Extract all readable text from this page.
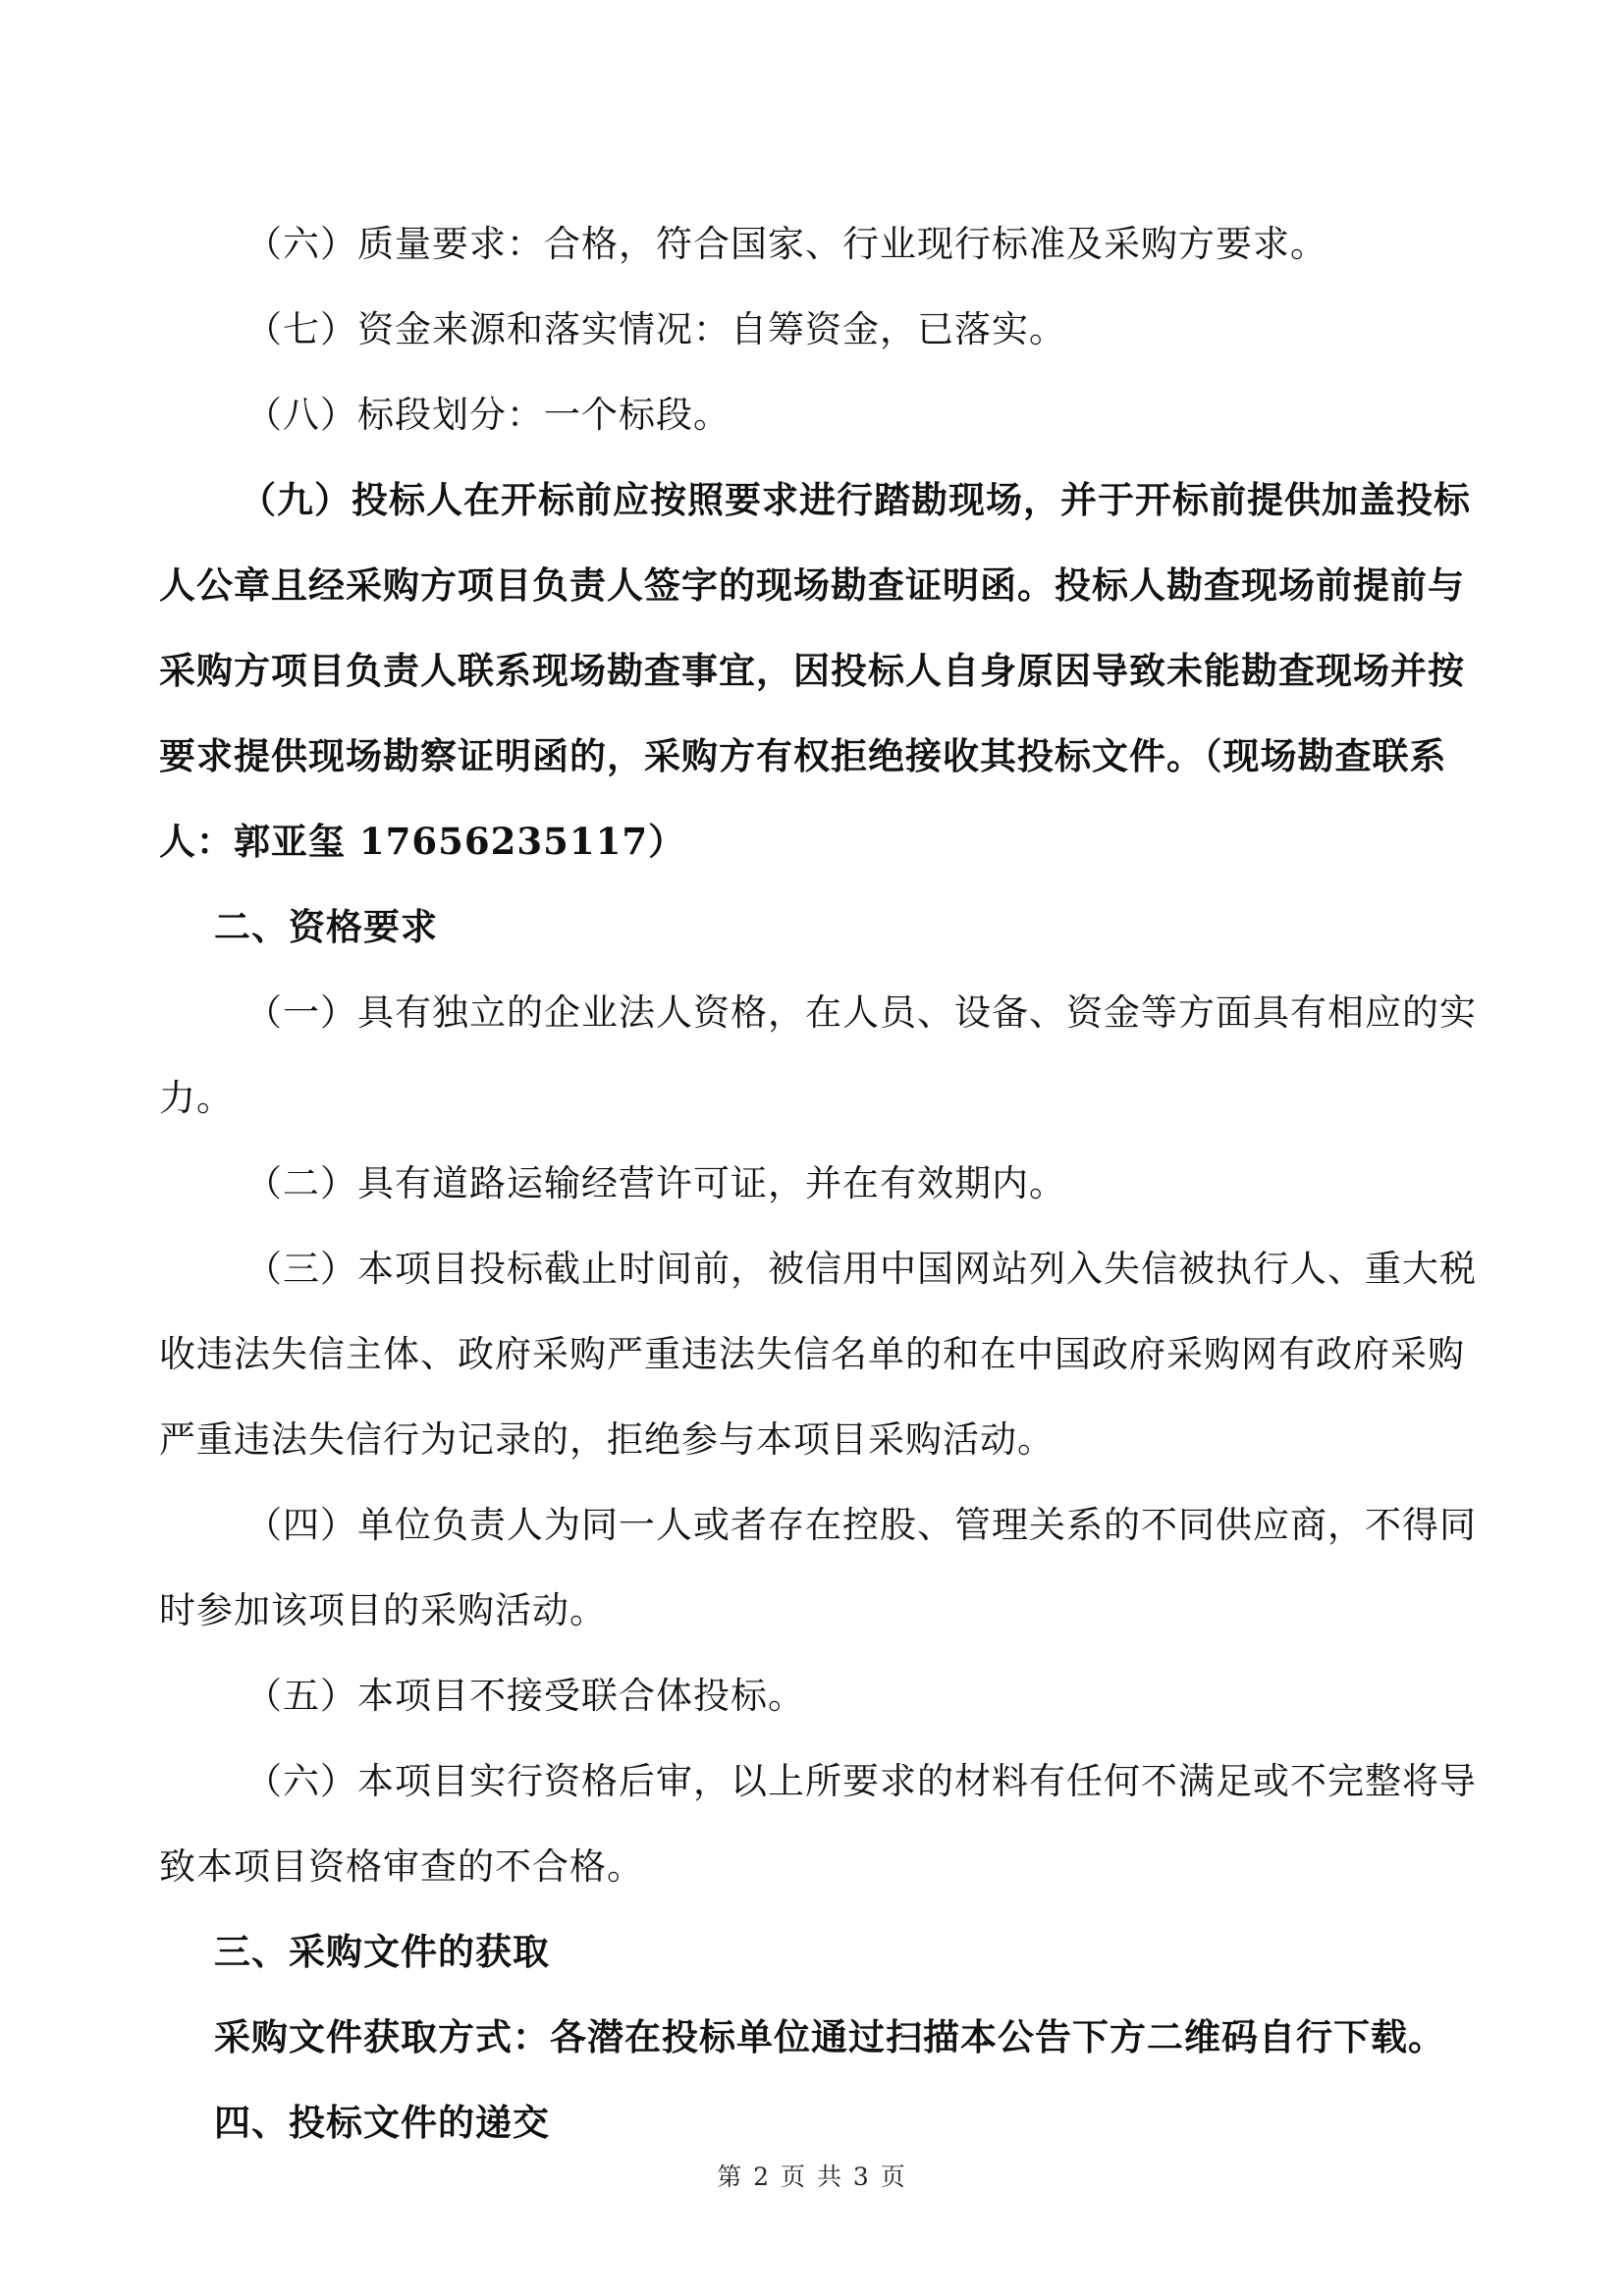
（六）质量要求：合格，符合国家、行业现行标准及采购方要求。

（七）资金来源和落实情况：自筹资金，已落实。

（八）标段划分：一个标段。

（九）投标人在开标前应按照要求进行踏勘现场，并于开标前提供加盖投标人公章且经采购方项目负责人签字的现场勘查证明函。投标人勘查现场前提前与采购方项目负责人联系现场勘查事宜，因投标人自身原因导致未能勘查现场并按要求提供现场勘察证明函的，采购方有权拒绝接收其投标文件。（现场勘查联系人：郭亚玺 17656235117）

二、资格要求

（一）具有独立的企业法人资格，在人员、设备、资金等方面具有相应的实力。

（二）具有道路运输经营许可证，并在有效期内。

（三）本项目投标截止时间前，被信用中国网站列入失信被执行人、重大税收违法失信主体、政府采购严重违法失信名单的和在中国政府采购网有政府采购严重违法失信行为记录的，拒绝参与本项目采购活动。

（四）单位负责人为同一人或者存在控股、管理关系的不同供应商，不得同时参加该项目的采购活动。

（五）本项目不接受联合体投标。

（六）本项目实行资格后审，以上所要求的材料有任何不满足或不完整将导致本项目资格审查的不合格。

三、采购文件的获取

采购文件获取方式：各潜在投标单位通过扫描本公告下方二维码自行下载。

四、投标文件的递交

第 2 页 共 3 页
